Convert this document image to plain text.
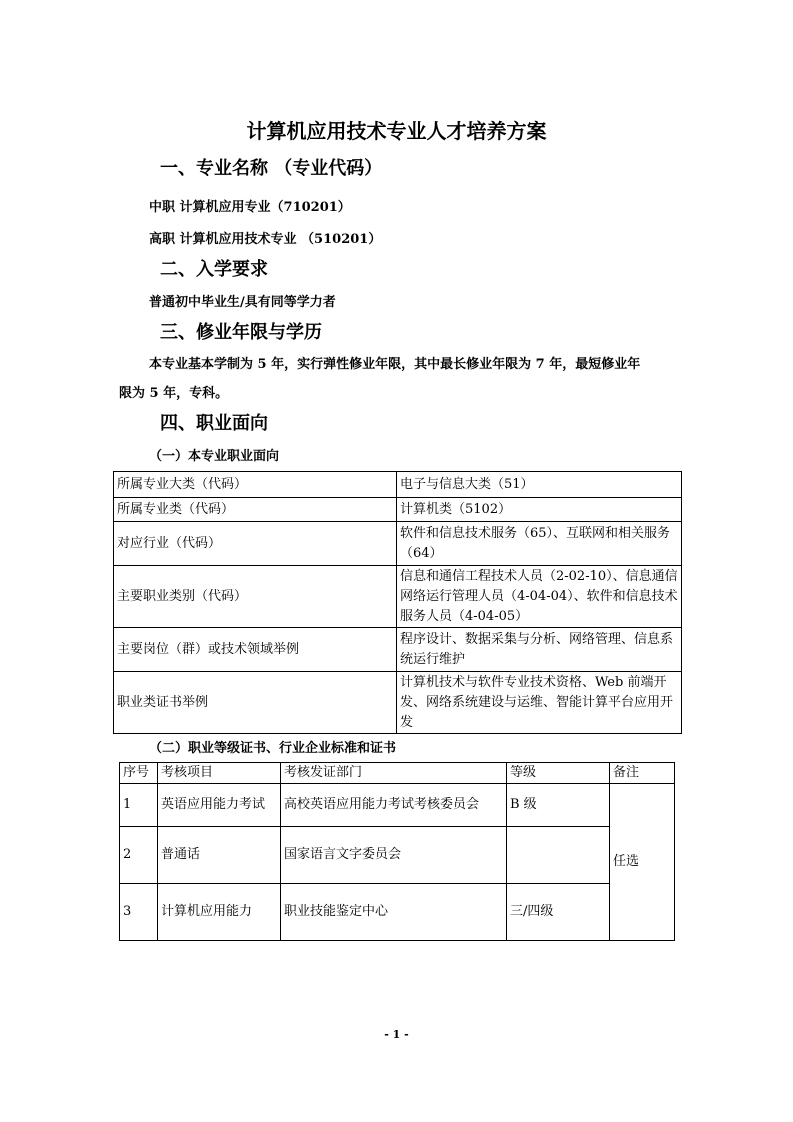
计算机应用技术专业人才培养方案
一、专业名称 （专业代码）
中职 计算机应用专业（710201）
高职 计算机应用技术专业 （510201）
二、入学要求
普通初中毕业生/具有同等学力者
三、修业年限与学历
本专业基本学制为 5 年，实行弹性修业年限，其中最长修业年限为 7 年，最短修业年
限为 5 年，专科。
四、职业面向
（一）本专业职业面向
所属专业大类（代码）	电子与信息大类（51）
所属专业类（代码）	计算机类（5102）
对应行业（代码）	软件和信息技术服务（65）、互联网和相关服务（64）
主要职业类别（代码）	信息和通信工程技术人员（2-02-10）、信息通信网络运行管理人员（4-04-04）、软件和信息技术服务人员（4-04-05）
主要岗位（群）或技术领域举例	程序设计、数据采集与分析、网络管理、信息系统运行维护
职业类证书举例	计算机技术与软件专业技术资格、Web 前端开发、网络系统建设与运维、智能计算平台应用开发
（二）职业等级证书、行业企业标准和证书
序号	考核项目	考核发证部门	等级	备注
1	英语应用能力考试	高校英语应用能力考试考核委员会	B 级	任选
2	普通话	国家语言文字委员会		
3	计算机应用能力	职业技能鉴定中心	三/四级	
- 1 -
